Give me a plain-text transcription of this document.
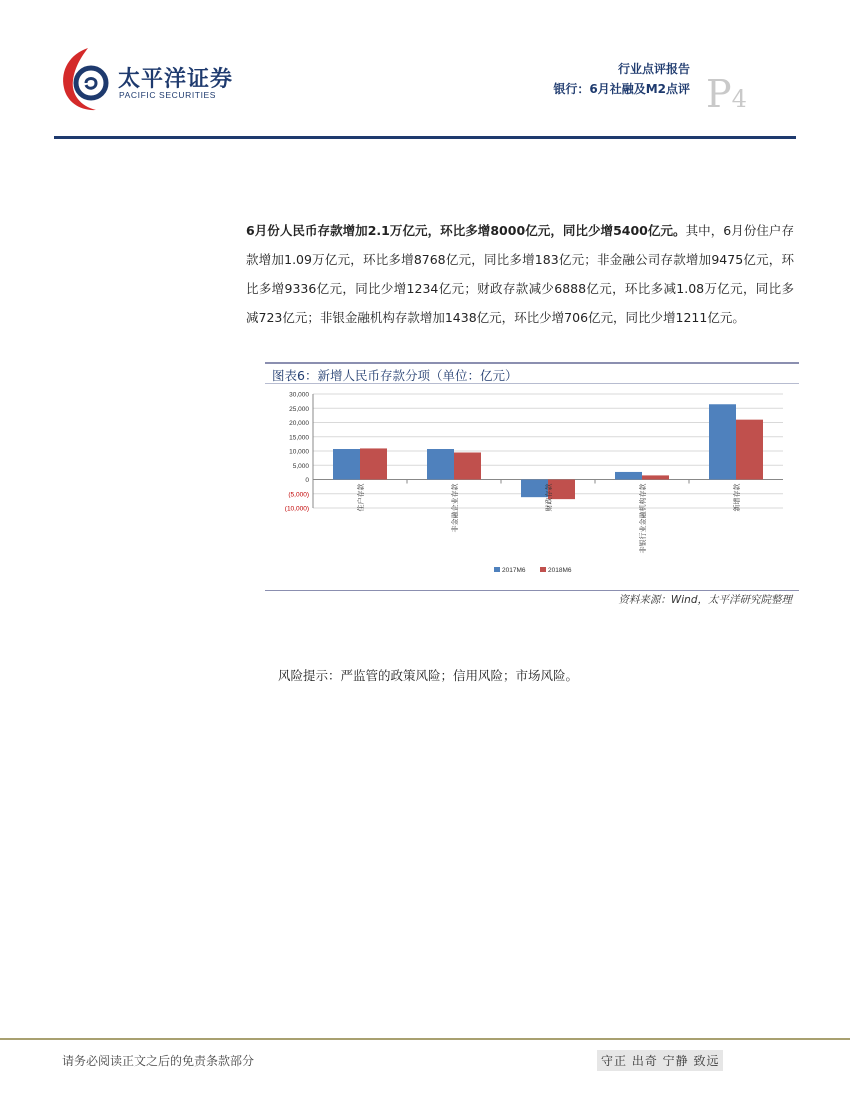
太平洋证券
PACIFIC SECURITIES
行业点评报告
银行：6月社融及M2点评 P4
6月份人民币存款增加2.1万亿元，环比多增8000亿元，同比少增5400亿元。其中，6月份住户存款增加1.09万亿元，环比多增8768亿元，同比多增183亿元；非金融公司存款增加9475亿元，环比多增9336亿元，同比少增1234亿元；财政存款减少6888亿元，环比多减1.08万亿元，同比多减723亿元；非银金融机构存款增加1438亿元，环比少增706亿元，同比少增1211亿元。
图表6：新增人民币存款分项（单位：亿元）
30,000
25,000
20,000
15,000
10,000
5,000
0
(5,000)
(10,000)	住户存款	非金融企业存款	财政存款	非银行业金融机构存款	新增存款
2017M6	2018M6
资料来源：Wind，太平洋研究院整理
风险提示：严监管的政策风险；信用风险；市场风险。
请务必阅读正文之后的免责条款部分	守正 出奇 宁静 致远
